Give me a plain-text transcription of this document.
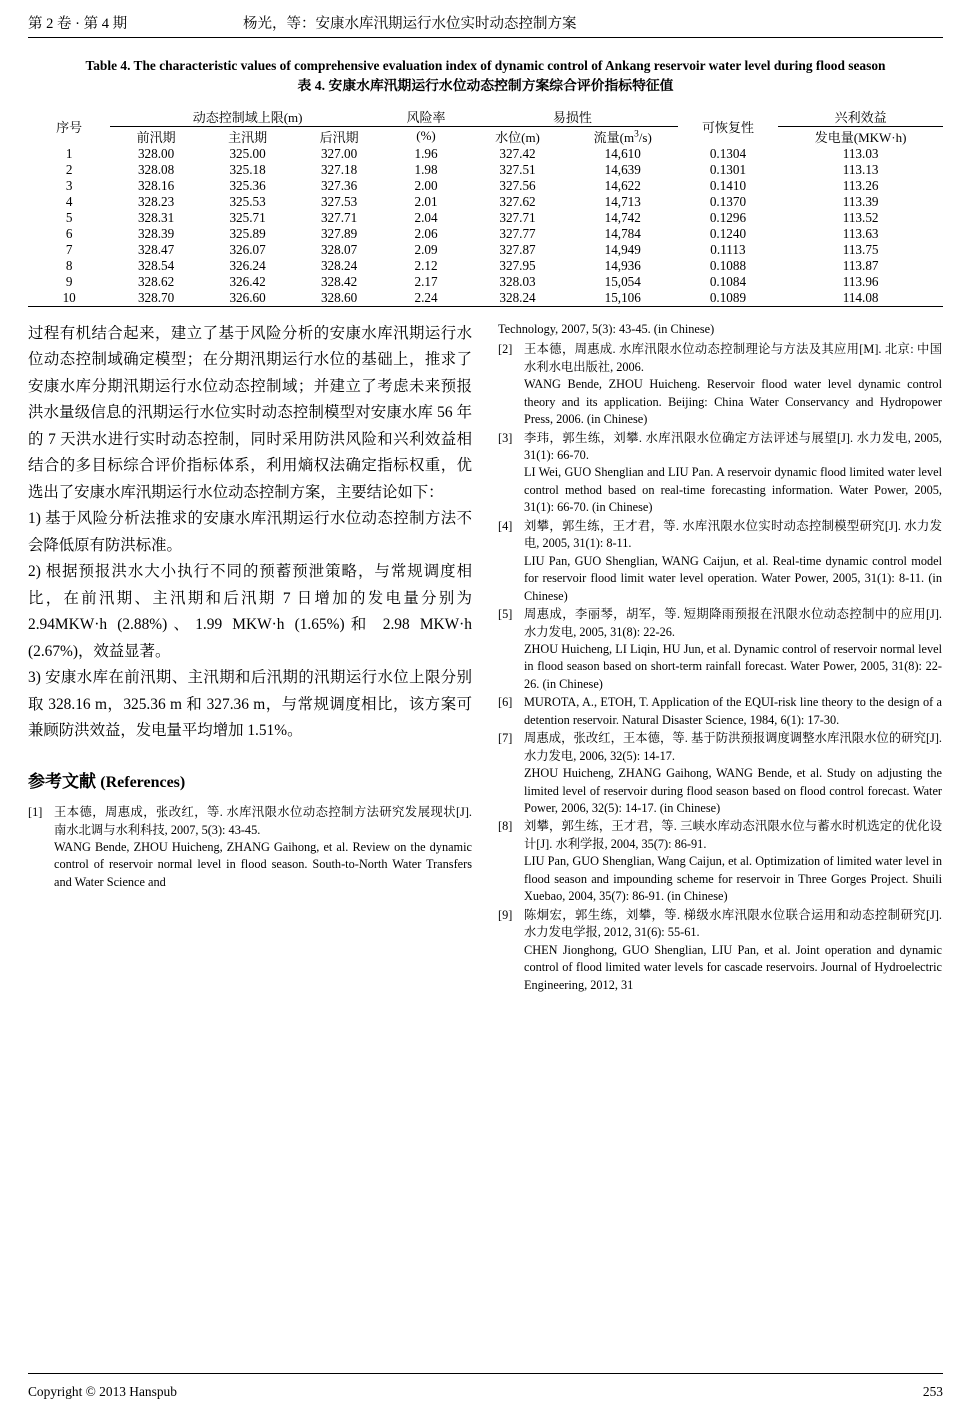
第 2 卷 · 第 4 期	杨光，等：安康水库汛期运行水位实时动态控制方案
Table 4. The characteristic values of comprehensive evaluation index of dynamic control of Ankang reservoir water level during flood season
表 4. 安康水库汛期运行水位动态控制方案综合评价指标特征值
序号	动态控制域上限(m)			风险率	易损性		可恢复性	兴利效益
	前汛期	主汛期	后汛期	(%)	水位(m)	流量$(m^3/s)$		发电量(MKW·h)
1	328.00	325.00	327.00	1.96	327.42	14,610	0.1304	113.03
2	328.08	325.18	327.18	1.98	327.51	14,639	0.1301	113.13
3	328.16	325.36	327.36	2.00	327.56	14,622	0.1410	113.26
4	328.23	325.53	327.53	2.01	327.62	14,713	0.1370	113.39
5	328.31	325.71	327.71	2.04	327.71	14,742	0.1296	113.52
6	328.39	325.89	327.89	2.06	327.77	14,784	0.1240	113.63
7	328.47	326.07	328.07	2.09	327.87	14,949	0.1113	113.75
8	328.54	326.24	328.24	2.12	327.95	14,936	0.1088	113.87
9	328.62	326.42	328.42	2.17	328.03	15,054	0.1084	113.96
10	328.70	326.60	328.60	2.24	328.24	15,106	0.1089	114.08

过程有机结合起来，建立了基于风险分析的安康水库汛期运行水位动态控制域确定模型；在分期汛期运行水位的基础上，推求了安康水库分期汛期运行水位动态控制域；并建立了考虑未来预报洪水量级信息的汛期运行水位实时动态控制模型对安康水库 56 年的 7 天洪水进行实时动态控制，同时采用防洪风险和兴利效益相结合的多目标综合评价指标体系，利用熵权法确定指标权重，优选出了安康水库汛期运行水位动态控制方案，主要结论如下：

1) 基于风险分析法推求的安康水库汛期运行水位动态控制方法不会降低原有防洪标准。

2) 根据预报洪水大小执行不同的预蓄预泄策略，与常规调度相比，在前汛期、主汛期和后汛期 7 日增加的发电量分别为 2.94MKW·h (2.88%)、1.99 MKW·h (1.65%)和 2.98 MKW·h (2.67%)，效益显著。

3) 安康水库在前汛期、主汛期和后汛期的汛期运行水位上限分别取 328.16 m，325.36 m 和 327.36 m，与常规调度相比，该方案可兼顾防洪效益，发电量平均增加 1.51%。

参考文献 (References)
[1] 王本德，周惠成，张改红，等. 水库汛限水位动态控制方法研究发展现状[J]. 南水北调与水利科技, 2007, 5(3): 43-45.
WANG Bende, ZHOU Huicheng, ZHANG Gaihong, et al. Review on the dynamic control of reservoir normal level in flood season. South-to-North Water Transfers and Water Science and

Technology, 2007, 5(3): 43-45. (in Chinese)

[2] 王本德，周惠成. 水库汛限水位动态控制理论与方法及其应用[M]. 北京: 中国水利水电出版社, 2006.
WANG Bende, ZHOU Huicheng. Reservoir flood water level dynamic control theory and its application. Beijing: China Water Conservancy and Hydropower Press, 2006. (in Chinese)
[3] 李玮，郭生练，刘攀. 水库汛限水位确定方法评述与展望[J]. 水力发电, 2005, 31(1): 66-70.
LI Wei, GUO Shenglian and LIU Pan. A reservoir dynamic flood limited water level control method based on real-time forecasting information. Water Power, 2005, 31(1): 66-70. (in Chinese)
[4] 刘攀，郭生练，王才君，等. 水库汛限水位实时动态控制模型研究[J]. 水力发电, 2005, 31(1): 8-11.
LIU Pan, GUO Shenglian, WANG Caijun, et al. Real-time dynamic control model for reservoir flood limit water level operation. Water Power, 2005, 31(1): 8-11. (in Chinese)
[5] 周惠成，李丽琴，胡军，等. 短期降雨预报在汛限水位动态控制中的应用[J]. 水力发电, 2005, 31(8): 22-26.
ZHOU Huicheng, LI Liqin, HU Jun, et al. Dynamic control of reservoir normal level in flood season based on short-term rainfall forecast. Water Power, 2005, 31(8): 22-26. (in Chinese)
[6] MUROTA, A., ETOH, T. Application of the EQUI-risk line theory to the design of a detention reservoir. Natural Disaster Science, 1984, 6(1): 17-30.
[7] 周惠成，张改红，王本德，等. 基于防洪预报调度调整水库汛限水位的研究[J]. 水力发电, 2006, 32(5): 14-17.
ZHOU Huicheng, ZHANG Gaihong, WANG Bende, et al. Study on adjusting the limited level of reservoir during flood season based on flood control forecast. Water Power, 2006, 32(5): 14-17. (in Chinese)
[8] 刘攀，郭生练，王才君，等. 三峡水库动态汛限水位与蓄水时机选定的优化设计[J]. 水利学报, 2004, 35(7): 86-91.
LIU Pan, GUO Shenglian, Wang Caijun, et al. Optimization of limited water level in flood season and impounding scheme for reservoir in Three Gorges Project. Shuili Xuebao, 2004, 35(7): 86-91. (in Chinese)
[9] 陈炯宏，郭生练，刘攀，等. 梯级水库汛限水位联合运用和动态控制研究[J]. 水力发电学报, 2012, 31(6): 55-61.
CHEN Jionghong, GUO Shenglian, LIU Pan, et al. Joint operation and dynamic control of flood limited water levels for cascade reservoirs. Journal of Hydroelectric Engineering, 2012, 31
Copyright © 2013 Hanspub	253
